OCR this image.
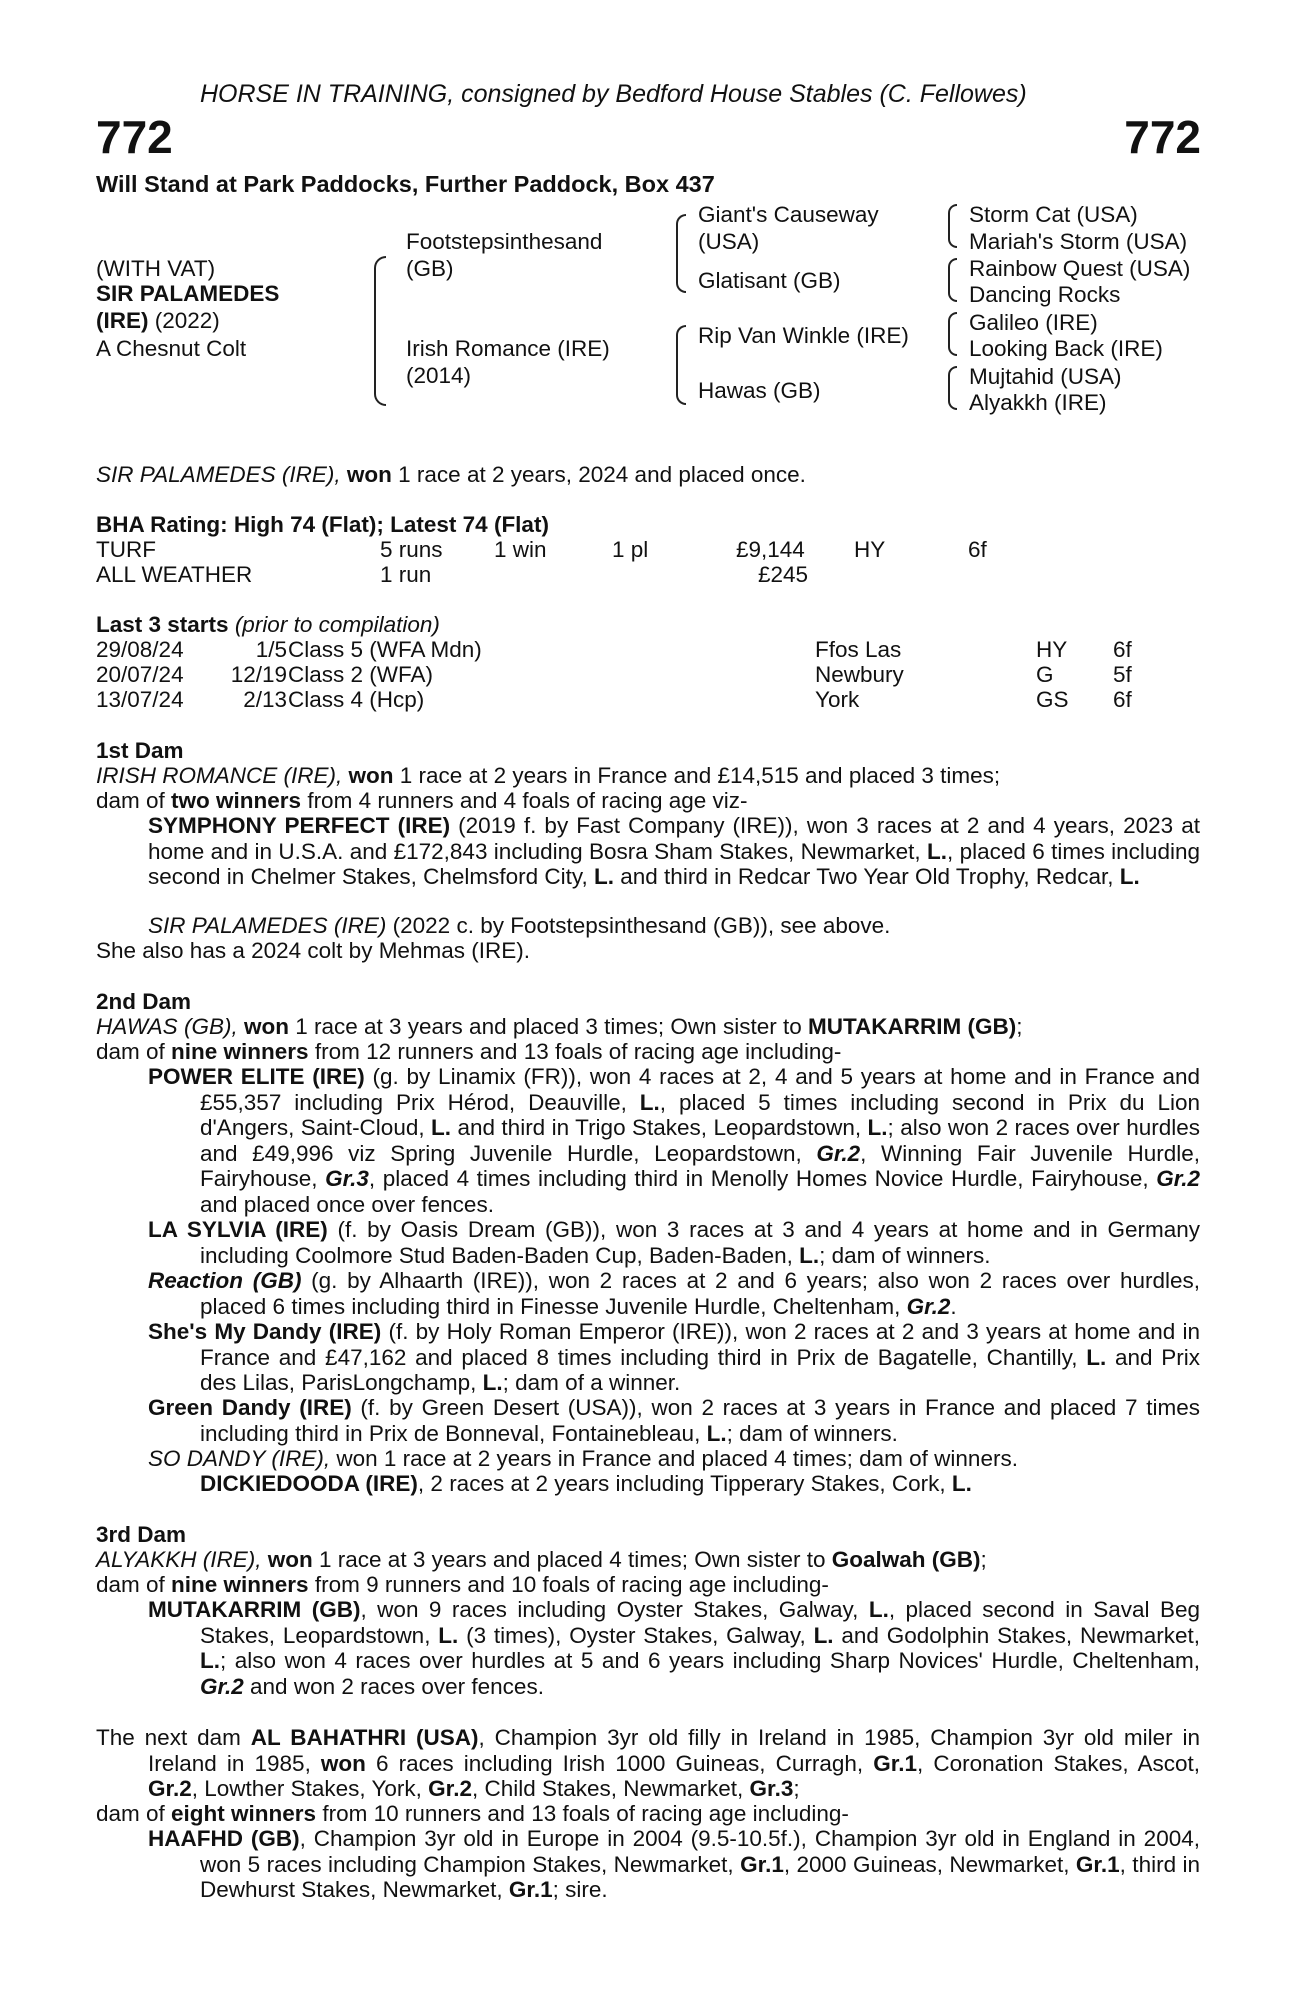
HORSE IN TRAINING, consigned by Bedford House Stables (C. Fellowes)
772	772
Will Stand at Park Paddocks, Further Paddock, Box 437
(WITH VAT)
SIR PALAMEDES
(IRE) (2022)
A Chesnut Colt
Footstepsinthesand
(GB)
Irish Romance (IRE)
(2014)
Giant's Causeway
(USA)
Glatisant (GB)
Rip Van Winkle (IRE)
Hawas (GB)
Storm Cat (USA)
Mariah's Storm (USA)
Rainbow Quest (USA)
Dancing Rocks
Galileo (IRE)
Looking Back (IRE)
Mujtahid (USA)
Alyakkh (IRE)
SIR PALAMEDES (IRE), won 1 race at 2 years, 2024 and placed once.
BHA Rating: High 74 (Flat); Latest 74 (Flat)
TURF	5 runs 1 win	1 pl	£9,144 HY	6f
ALL WEATHER	1 run	£245
Last 3 starts (prior to compilation)
29/08/24	1/5 Class 5 (WFA Mdn)	Ffos Las	HY 6f
20/07/24 12/19 Class 2 (WFA)	Newbury	G	5f
13/07/24	2/13 Class 4 (Hcp)	York	GS 6f
1st Dam
IRISH ROMANCE (IRE), won 1 race at 2 years in France and £14,515 and placed 3 times;
dam of two winners from 4 runners and 4 foals of racing age viz-
SYMPHONY PERFECT (IRE) (2019 f. by Fast Company (IRE)), won 3 races at 2 and 4 years, 2023 at home and in U.S.A. and £172,843 including Bosra Sham Stakes, Newmarket, L., placed 6 times including second in Chelmer Stakes, Chelmsford City, L. and third in Redcar Two Year Old Trophy, Redcar, L.
SIR PALAMEDES (IRE) (2022 c. by Footstepsinthesand (GB)), see above.
She also has a 2024 colt by Mehmas (IRE).
2nd Dam
HAWAS (GB), won 1 race at 3 years and placed 3 times; Own sister to MUTAKARRIM (GB);
dam of nine winners from 12 runners and 13 foals of racing age including-
POWER ELITE (IRE) (g. by Linamix (FR)), won 4 races at 2, 4 and 5 years at home and in France and £55,357 including Prix Hérod, Deauville, L., placed 5 times including second in Prix du Lion d'Angers, Saint-Cloud, L. and third in Trigo Stakes, Leopardstown, L.; also won 2 races over hurdles and £49,996 viz Spring Juvenile Hurdle, Leopardstown, Gr.2, Winning Fair Juvenile Hurdle, Fairyhouse, Gr.3, placed 4 times including third in Menolly Homes Novice Hurdle, Fairyhouse, Gr.2 and placed once over fences.
LA SYLVIA (IRE) (f. by Oasis Dream (GB)), won 3 races at 3 and 4 years at home and in Germany including Coolmore Stud Baden-Baden Cup, Baden-Baden, L.; dam of winners.
Reaction (GB) (g. by Alhaarth (IRE)), won 2 races at 2 and 6 years; also won 2 races over hurdles, placed 6 times including third in Finesse Juvenile Hurdle, Cheltenham, Gr.2.
She's My Dandy (IRE) (f. by Holy Roman Emperor (IRE)), won 2 races at 2 and 3 years at home and in France and £47,162 and placed 8 times including third in Prix de Bagatelle, Chantilly, L. and Prix des Lilas, ParisLongchamp, L.; dam of a winner.
Green Dandy (IRE) (f. by Green Desert (USA)), won 2 races at 3 years in France and placed 7 times including third in Prix de Bonneval, Fontainebleau, L.; dam of winners.
SO DANDY (IRE), won 1 race at 2 years in France and placed 4 times; dam of winners.
DICKIEDOODA (IRE), 2 races at 2 years including Tipperary Stakes, Cork, L.
3rd Dam
ALYAKKH (IRE), won 1 race at 3 years and placed 4 times; Own sister to Goalwah (GB);
dam of nine winners from 9 runners and 10 foals of racing age including-
MUTAKARRIM (GB), won 9 races including Oyster Stakes, Galway, L., placed second in Saval Beg Stakes, Leopardstown, L. (3 times), Oyster Stakes, Galway, L. and Godolphin Stakes, Newmarket, L.; also won 4 races over hurdles at 5 and 6 years including Sharp Novices' Hurdle, Cheltenham, Gr.2 and won 2 races over fences.
The next dam AL BAHATHRI (USA), Champion 3yr old filly in Ireland in 1985, Champion 3yr old miler in Ireland in 1985, won 6 races including Irish 1000 Guineas, Curragh, Gr.1, Coronation Stakes, Ascot, Gr.2, Lowther Stakes, York, Gr.2, Child Stakes, Newmarket, Gr.3;
dam of eight winners from 10 runners and 13 foals of racing age including-
HAAFHD (GB), Champion 3yr old in Europe in 2004 (9.5-10.5f.), Champion 3yr old in England in 2004, won 5 races including Champion Stakes, Newmarket, Gr.1, 2000 Guineas, Newmarket, Gr.1, third in Dewhurst Stakes, Newmarket, Gr.1; sire.
